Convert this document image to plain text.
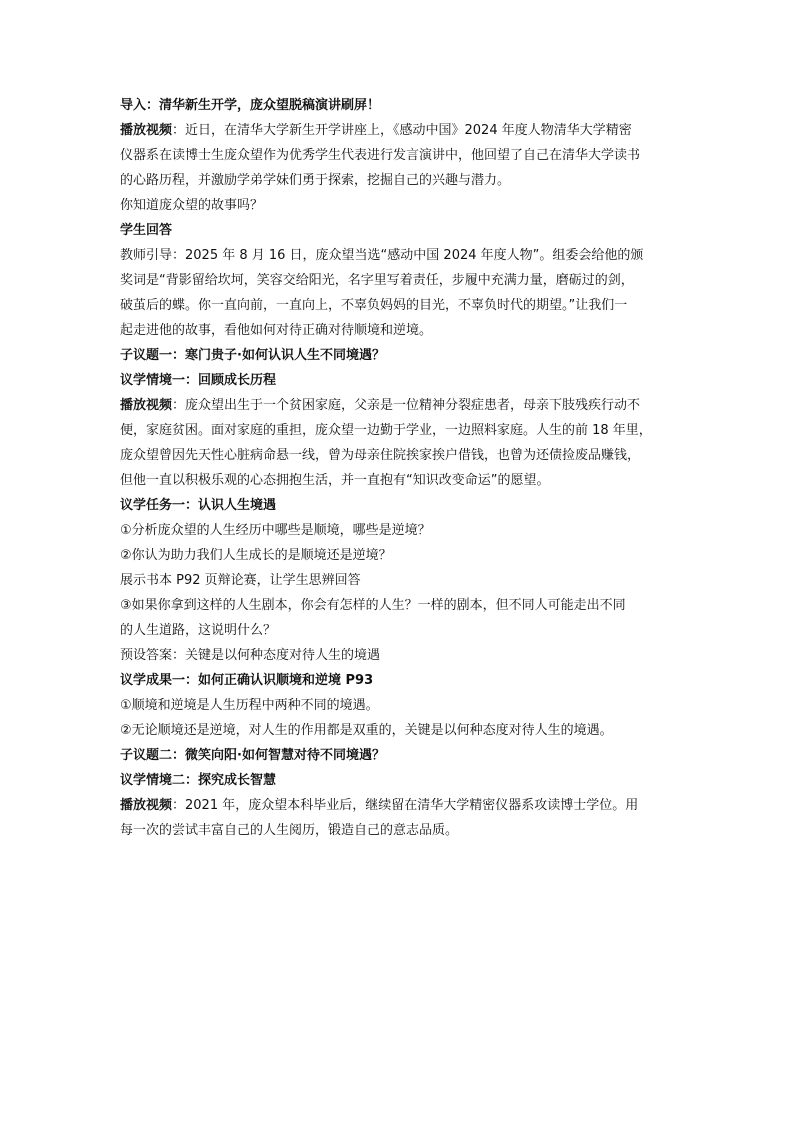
导入：清华新生开学，庞众望脱稿演讲刷屏！

播放视频：近日，在清华大学新生开学讲座上，《感动中国》2024 年度人物清华大学精密

仪器系在读博士生庞众望作为优秀学生代表进行发言演讲中，他回望了自己在清华大学读书

的心路历程，并激励学弟学妹们勇于探索，挖掘自己的兴趣与潜力。

你知道庞众望的故事吗？

学生回答

教师引导：2025 年 8 月 16 日，庞众望当选“感动中国 2024 年度人物”。组委会给他的颁

奖词是“背影留给坎坷，笑容交给阳光，名字里写着责任，步履中充满力量，磨砺过的剑，

破茧后的蝶。你一直向前，一直向上，不辜负妈妈的目光，不辜负时代的期望。”让我们一

起走进他的故事，看他如何对待正确对待顺境和逆境。

子议题一：寒门贵子·如何认识人生不同境遇？

议学情境一：回顾成长历程

播放视频：庞众望出生于一个贫困家庭，父亲是一位精神分裂症患者，母亲下肢残疾行动不

便，家庭贫困。面对家庭的重担，庞众望一边勤于学业，一边照料家庭。人生的前 18 年里，

庞众望曾因先天性心脏病命悬一线，曾为母亲住院挨家挨户借钱，也曾为还债捡废品赚钱，

但他一直以积极乐观的心态拥抱生活，并一直抱有“知识改变命运”的愿望。

议学任务一：认识人生境遇

①分析庞众望的人生经历中哪些是顺境，哪些是逆境？

②你认为助力我们人生成长的是顺境还是逆境？

展示书本 P92 页辩论赛，让学生思辨回答

③如果你拿到这样的人生剧本，你会有怎样的人生？一样的剧本，但不同人可能走出不同

的人生道路，这说明什么？

预设答案：关键是以何种态度对待人生的境遇

议学成果一：如何正确认识顺境和逆境 P93

①顺境和逆境是人生历程中两种不同的境遇。

②无论顺境还是逆境，对人生的作用都是双重的，关键是以何种态度对待人生的境遇。

子议题二：微笑向阳·如何智慧对待不同境遇？

议学情境二：探究成长智慧

播放视频：2021 年，庞众望本科毕业后，继续留在清华大学精密仪器系攻读博士学位。用

每一次的尝试丰富自己的人生阅历，锻造自己的意志品质。
